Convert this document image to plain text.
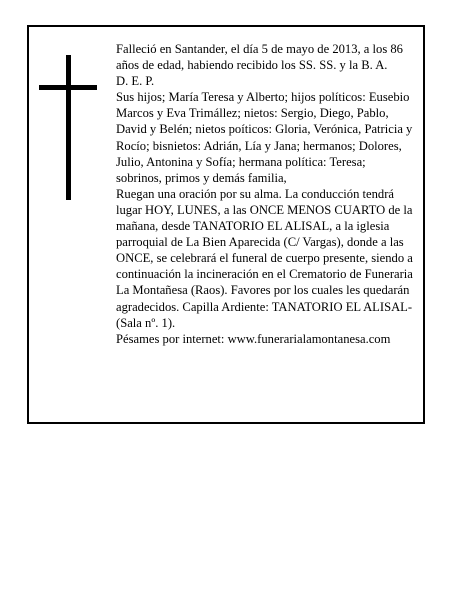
Falleció en Santander, el día 5 de mayo de 2013, a los 86 años de edad, habiendo recibido los SS. SS. y la B. A.

D. E. P.

Sus hijos; María Teresa y Alberto; hijos políticos: Eusebio Marcos y Eva Trimállez; nietos: Sergio, Diego, Pablo, David y Belén; nietos poíticos: Gloria, Verónica, Patricia y Rocío; bisnietos: Adrián, Lía y Jana; hermanos; Dolores, Julio, Antonina y Sofía; hermana política: Teresa; sobrinos, primos y demás familia,

Ruegan una oración por su alma. La conducción tendrá lugar HOY, LUNES, a las ONCE MENOS CUARTO de la mañana, desde TANATORIO EL ALISAL, a la iglesia parroquial de La Bien Aparecida (C/ Vargas), donde a las ONCE, se celebrará el funeral de cuerpo presente, siendo a continuación la incineración en el Crematorio de Funeraria La Montañesa (Raos). Favores por los cuales les quedarán agradecidos. Capilla Ardiente: TANATORIO EL ALISAL-(Sala nº. 1).

Pésames por internet: www.funerarialamontanesa.com
